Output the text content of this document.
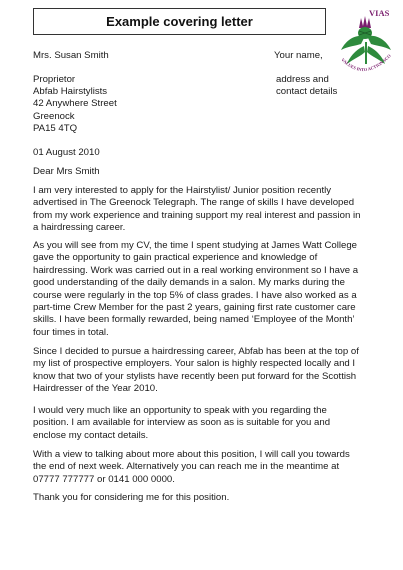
Example covering letter
VIAS
VALUES INTO ACTION SCO
Mrs. Susan Smith	Your name,
Proprietor
Abfab Hairstylists
42 Anywhere Street
Greenock
PA15 4TQ
address and
contact details
01 August 2010
Dear Mrs Smith
I am very interested to apply for the Hairstylist/ Junior position recently
advertised in The Greenock Telegraph. The range of skills I have developed
from my work experience and training support my real interest and passion in
a hairdressing career.
As you will see from my CV, the time I spent studying at James Watt College
gave the opportunity to gain practical experience and knowledge of
hairdressing. Work was carried out in a real working environment so I have a
good understanding of the daily demands in a salon. My marks during the
course were regularly in the top 5% of class grades. I have also worked as a
part-time Crew Member for the past 2 years, gaining first rate customer care
skills. I have been formally rewarded, being named ‘Employee of the Month’
four times in total.
Since I decided to pursue a hairdressing career, Abfab has been at the top of
my list of prospective employers. Your salon is highly respected locally and I
know that two of your stylists have recently been put forward for the Scottish
Hairdresser of the Year 2010.
I would very much like an opportunity to speak with you regarding the
position. I am available for interview as soon as is suitable for you and
enclose my contact details.
With a view to talking about more about this position, I will call you towards
the end of next week. Alternatively you can reach me in the meantime at
07777 777777 or 0141 000 0000.
Thank you for considering me for this position.
